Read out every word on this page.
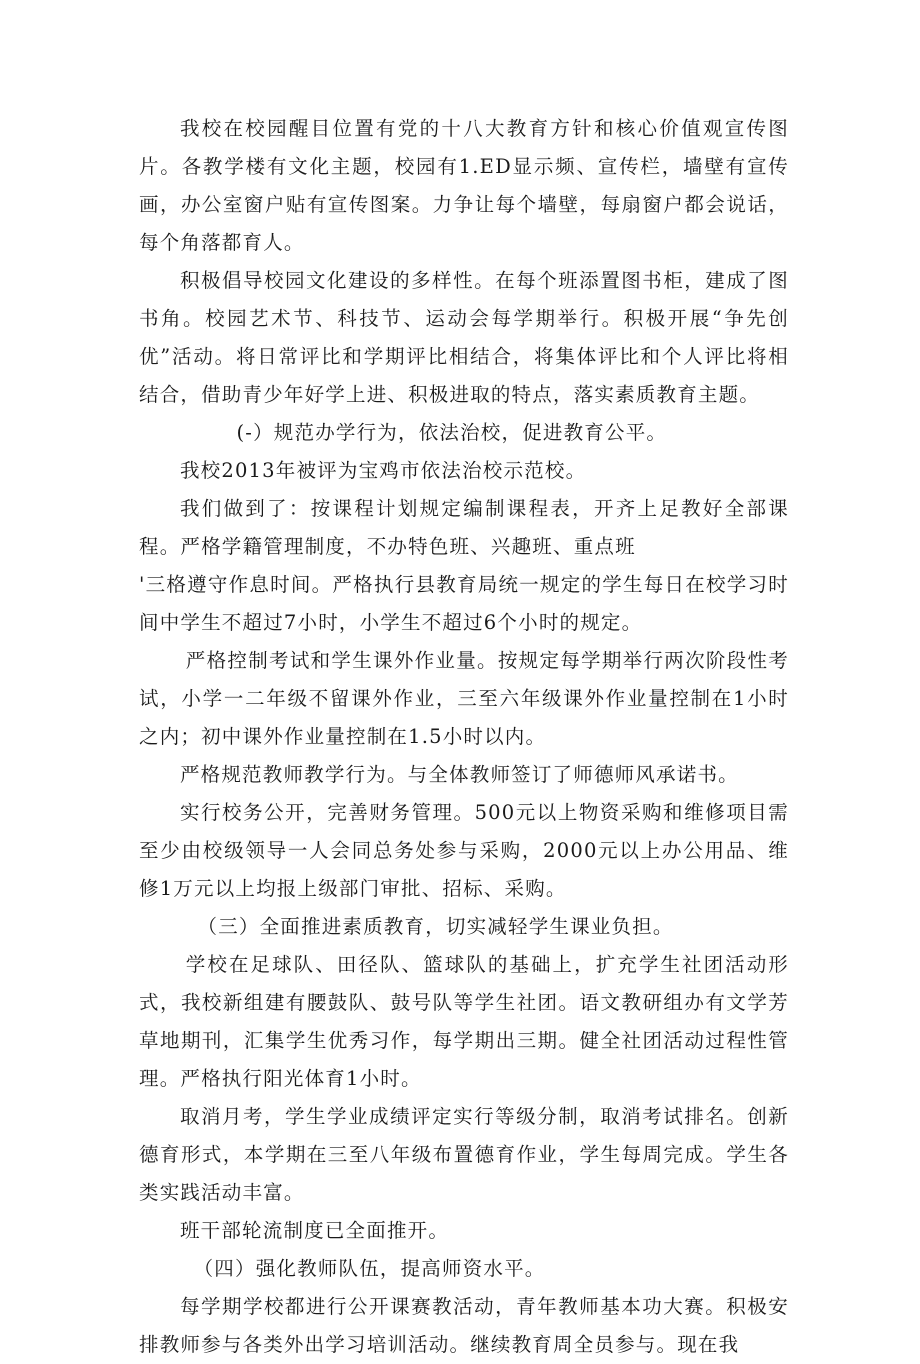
我校在校园醒目位置有党的十八大教育方针和核心价值观宣传图片。各教学楼有文化主题，校园有1.ED显示频、宣传栏，墙壁有宣传画，办公室窗户贴有宣传图案。力争让每个墙壁，每扇窗户都会说话，每个角落都育人。

积极倡导校园文化建设的多样性。在每个班添置图书柜，建成了图书角。校园艺术节、科技节、运动会每学期举行。积极开展“争先创优”活动。将日常评比和学期评比相结合，将集体评比和个人评比将相结合，借助青少年好学上进、积极进取的特点，落实素质教育主题。

(-）规范办学行为，依法治校，促进教育公平。

我校2013年被评为宝鸡市依法治校示范校。

我们做到了：按课程计划规定编制课程表，开齐上足教好全部课程。严格学籍管理制度，不办特色班、兴趣班、重点班

'三格遵守作息时间。严格执行县教育局统一规定的学生每日在校学习时间中学生不超过7小时，小学生不超过6个小时的规定。

严格控制考试和学生课外作业量。按规定每学期举行两次阶段性考试，小学一二年级不留课外作业，三至六年级课外作业量控制在1小时之内；初中课外作业量控制在1.5小时以内。

严格规范教师教学行为。与全体教师签订了师德师风承诺书。

实行校务公开，完善财务管理。500元以上物资采购和维修项目需至少由校级领导一人会同总务处参与采购，2000元以上办公用品、维修1万元以上均报上级部门审批、招标、采购。

（三）全面推进素质教育，切实减轻学生课业负担。

学校在足球队、田径队、篮球队的基础上，扩充学生社团活动形式，我校新组建有腰鼓队、鼓号队等学生社团。语文教研组办有文学芳草地期刊，汇集学生优秀习作，每学期出三期。健全社团活动过程性管理。严格执行阳光体育1小时。

取消月考，学生学业成绩评定实行等级分制，取消考试排名。创新德育形式，本学期在三至八年级布置德育作业，学生每周完成。学生各类实践活动丰富。

班干部轮流制度已全面推开。

（四）强化教师队伍，提高师资水平。

每学期学校都进行公开课赛教活动，青年教师基本功大赛。积极安排教师参与各类外出学习培训活动。继续教育周全员参与。现在我
